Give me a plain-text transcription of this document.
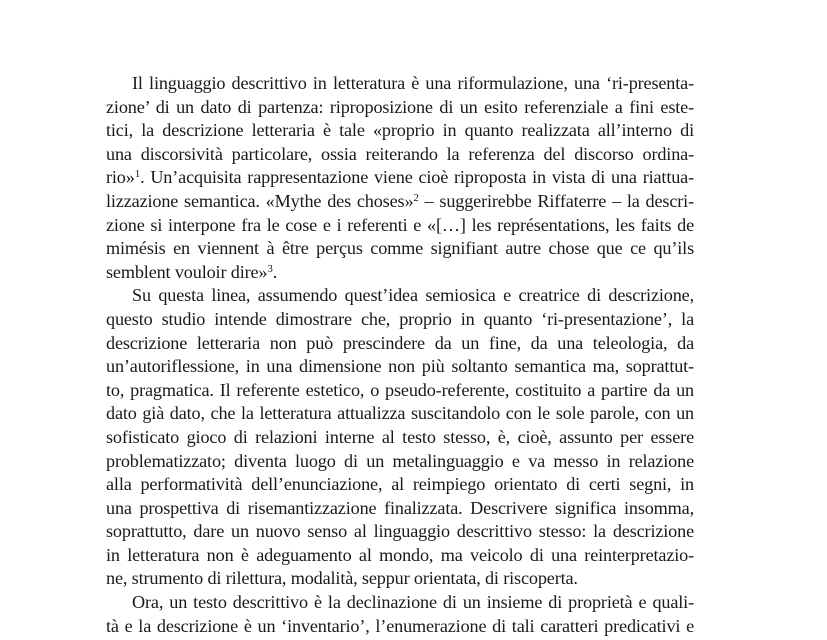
Il linguaggio descrittivo in letteratura è una riformulazione, una ‘ri-presenta-
zione’ di un dato di partenza: riproposizione di un esito referenziale a fini este-
tici, la descrizione letteraria è tale «proprio in quanto realizzata all’interno di
una discorsività particolare, ossia reiterando la referenza del discorso ordina-
rio»$^1$. Un’acquisita rappresentazione viene cioè riproposta in vista di una riattua-
lizzazione semantica. «Mythe des choses»$^2$ – suggerirebbe Riffaterre – la descri-
zione si interpone fra le cose e i referenti e «[…] les représentations, les faits de
mimésis en viennent à être perçus comme signifiant autre chose que ce qu’ils
semblent vouloir dire»$^3$.

Su questa linea, assumendo quest’idea semiosica e creatrice di descrizione,
questo studio intende dimostrare che, proprio in quanto ‘ri-presentazione’, la
descrizione letteraria non può prescindere da un fine, da una teleologia, da
un’autoriflessione, in una dimensione non più soltanto semantica ma, soprattut-
to, pragmatica. Il referente estetico, o pseudo-referente, costituito a partire da un
dato già dato, che la letteratura attualizza suscitandolo con le sole parole, con un
sofisticato gioco di relazioni interne al testo stesso, è, cioè, assunto per essere
problematizzato; diventa luogo di un metalinguaggio e va messo in relazione
alla performatività dell’enunciazione, al reimpiego orientato di certi segni, in
una prospettiva di risemantizzazione finalizzata. Descrivere significa insomma,
soprattutto, dare un nuovo senso al linguaggio descrittivo stesso: la descrizione
in letteratura non è adeguamento al mondo, ma veicolo di una reinterpretazio-
ne, strumento di rilettura, modalità, seppur orientata, di riscoperta.

Ora, un testo descrittivo è la declinazione di un insieme di proprietà e quali-
tà e la descrizione è un ‘inventario’, l’enumerazione di tali caratteri predicativi e
